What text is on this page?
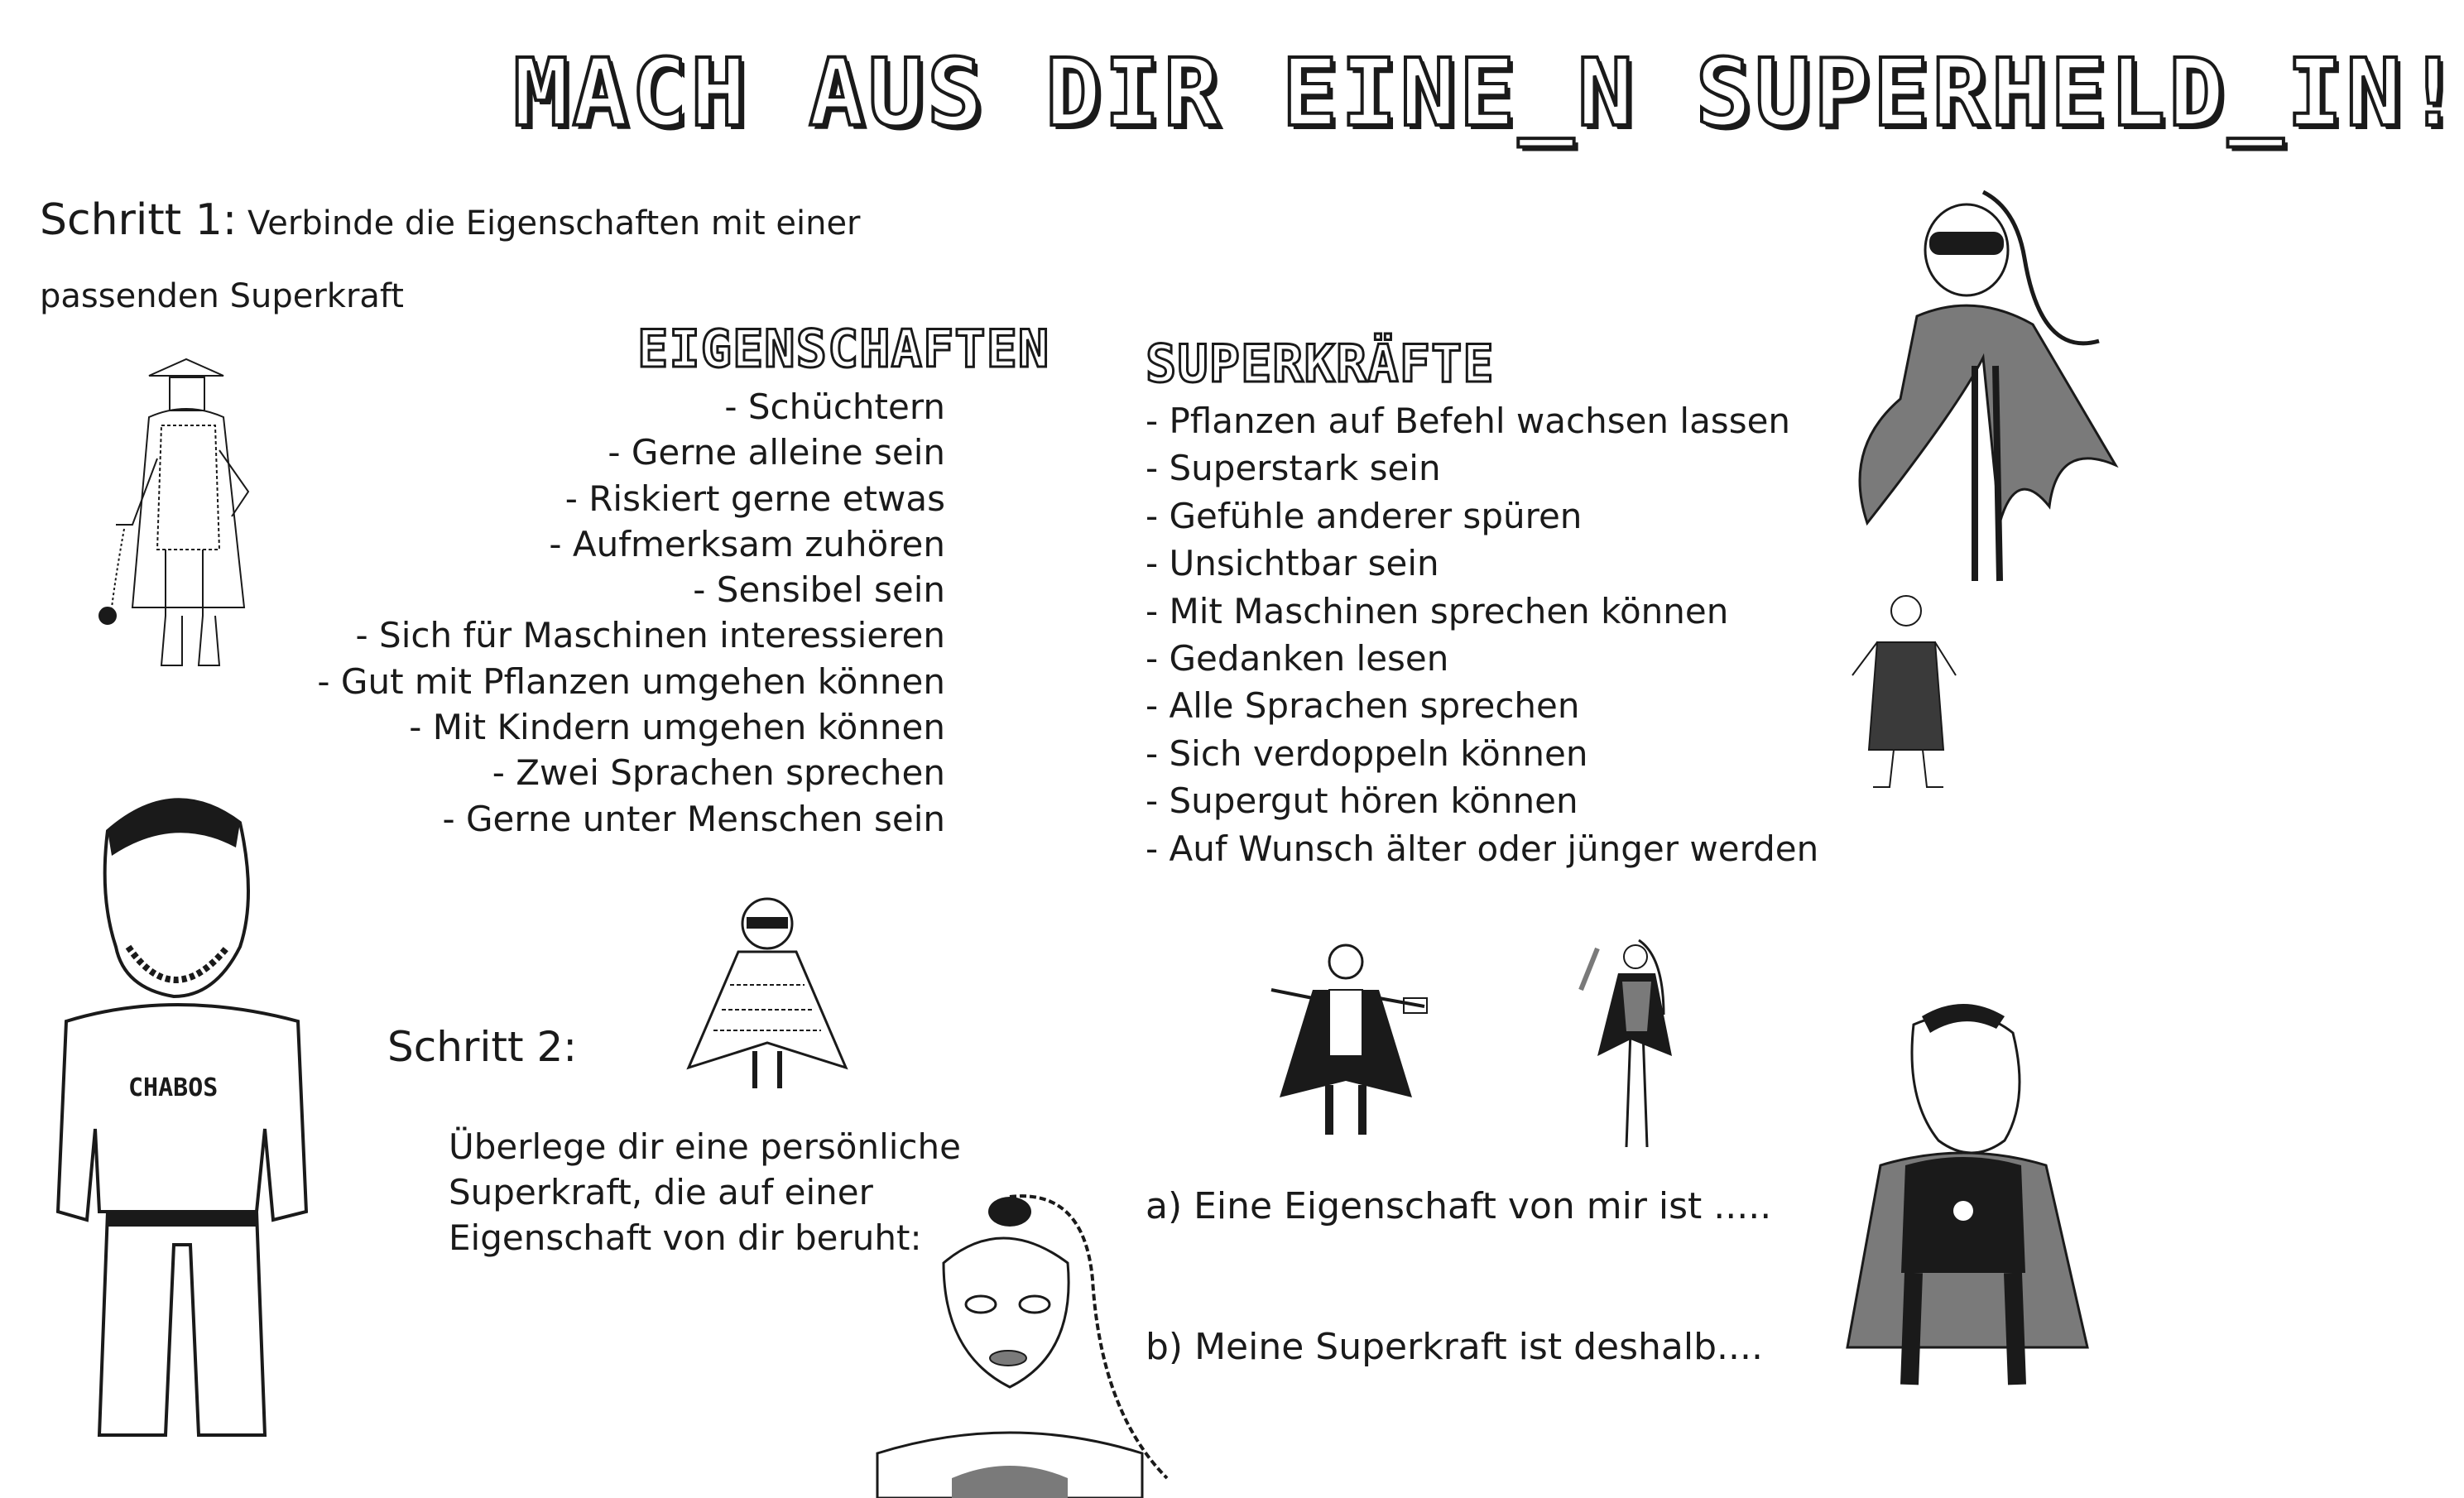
MACH AUS DIR EINE_N SUPERHELD_IN!
Schritt 1: Verbinde die Eigenschaften mit einer
passenden Superkraft
EIGENSCHAFTEN
- Schüchtern
- Gerne alleine sein
- Riskiert gerne etwas
- Aufmerksam zuhören
- Sensibel sein
- Sich für Maschinen interessieren
- Gut mit Pflanzen umgehen können
- Mit Kindern umgehen können
- Zwei Sprachen sprechen
- Gerne unter Menschen sein
SUPERKRÄFTE
- Pflanzen auf Befehl wachsen lassen
- Superstark sein
- Gefühle anderer spüren
- Unsichtbar sein
- Mit Maschinen sprechen können
- Gedanken lesen
- Alle Sprachen sprechen
- Sich verdoppeln können
- Supergut hören können
- Auf Wunsch älter oder jünger werden
Schritt 2:
Überlege dir eine persönliche
Superkraft, die auf einer
Eigenschaft von dir beruht:
a) Eine Eigenschaft von mir ist .....
b) Meine Superkraft ist deshalb....
CHABOS
